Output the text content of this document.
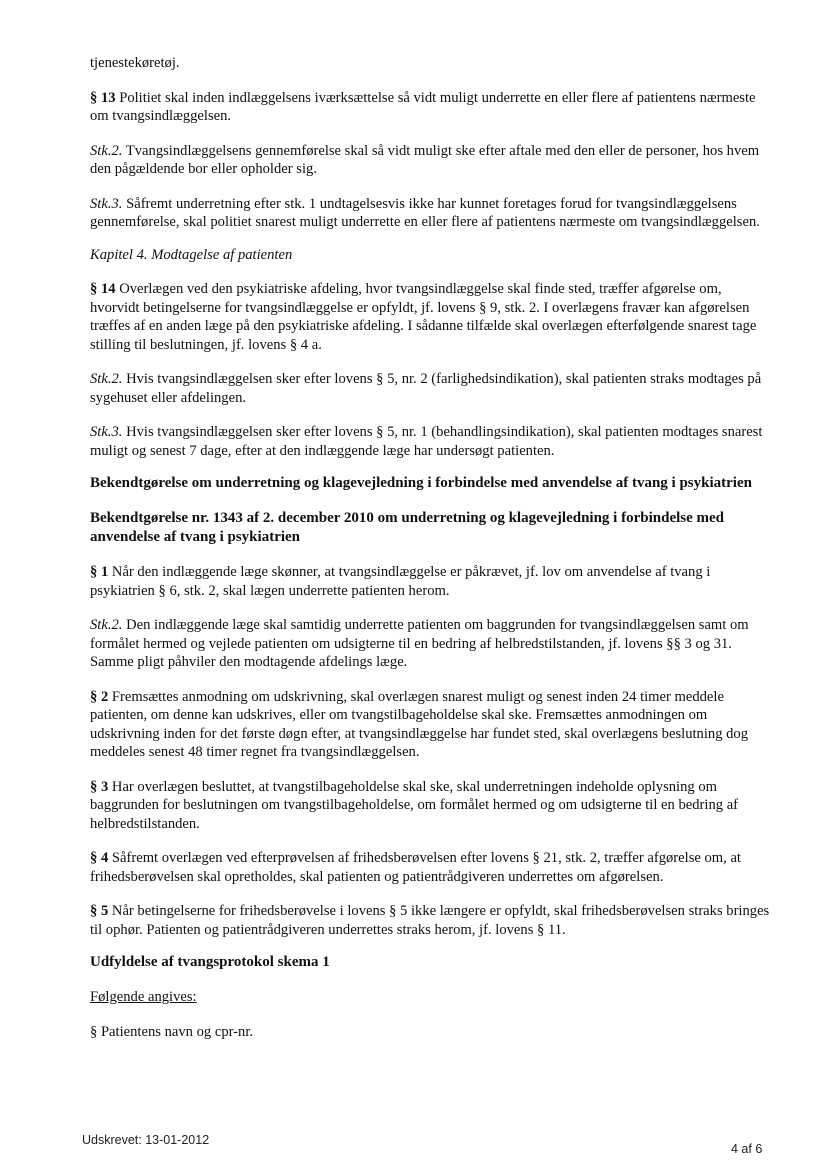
tjenestekøretøj.

§ 13 Politiet skal inden indlæggelsens iværksættelse så vidt muligt underrette en eller flere af patientens nærmeste om tvangsindlæggelsen.

Stk.2. Tvangsindlæggelsens gennemførelse skal så vidt muligt ske efter aftale med den eller de personer, hos hvem den pågældende bor eller opholder sig.

Stk.3. Såfremt underretning efter stk. 1 undtagelsesvis ikke har kunnet foretages forud for tvangsindlæggelsens gennemførelse, skal politiet snarest muligt underrette en eller flere af patientens nærmeste om tvangsindlæggelsen.

Kapitel 4. Modtagelse af patienten

§ 14 Overlægen ved den psykiatriske afdeling, hvor tvangsindlæggelse skal finde sted, træffer afgørelse om, hvorvidt betingelserne for tvangsindlæggelse er opfyldt, jf. lovens § 9, stk. 2. I overlægens fravær kan afgørelsen træffes af en anden læge på den psykiatriske afdeling. I sådanne tilfælde skal overlægen efterfølgende snarest tage stilling til beslutningen, jf. lovens § 4 a.

Stk.2. Hvis tvangsindlæggelsen sker efter lovens § 5, nr. 2 (farlighedsindikation), skal patienten straks modtages på sygehuset eller afdelingen.

Stk.3. Hvis tvangsindlæggelsen sker efter lovens § 5, nr. 1 (behandlingsindikation), skal patienten modtages snarest muligt og senest 7 dage, efter at den indlæggende læge har undersøgt patienten.

Bekendtgørelse om underretning og klagevejledning i forbindelse med anvendelse af tvang i psykiatrien

Bekendtgørelse nr. 1343 af 2. december 2010 om underretning og klagevejledning i forbindelse med anvendelse af tvang i psykiatrien

§ 1 Når den indlæggende læge skønner, at tvangsindlæggelse er påkrævet, jf. lov om anvendelse af tvang i psykiatrien § 6, stk. 2, skal lægen underrette patienten herom.

Stk.2. Den indlæggende læge skal samtidig underrette patienten om baggrunden for tvangsindlæggelsen samt om formålet hermed og vejlede patienten om udsigterne til en bedring af helbredstilstanden, jf. lovens §§ 3 og 31. Samme pligt påhviler den modtagende afdelings læge.

§ 2 Fremsættes anmodning om udskrivning, skal overlægen snarest muligt og senest inden 24 timer meddele patienten, om denne kan udskrives, eller om tvangstilbageholdelse skal ske. Fremsættes anmodningen om udskrivning inden for det første døgn efter, at tvangsindlæggelse har fundet sted, skal overlægens beslutning dog meddeles senest 48 timer regnet fra tvangsindlæggelsen.

§ 3 Har overlægen besluttet, at tvangstilbageholdelse skal ske, skal underretningen indeholde oplysning om baggrunden for beslutningen om tvangstilbageholdelse, om formålet hermed og om udsigterne til en bedring af helbredstilstanden.

§ 4 Såfremt overlægen ved efterprøvelsen af frihedsberøvelsen efter lovens § 21, stk. 2, træffer afgørelse om, at frihedsberøvelsen skal opretholdes, skal patienten og patientrådgiveren underrettes om afgørelsen.

§ 5 Når betingelserne for frihedsberøvelse i lovens § 5 ikke længere er opfyldt, skal frihedsberøvelsen straks bringes til ophør. Patienten og patientrådgiveren underrettes straks herom, jf. lovens § 11.

Udfyldelse af tvangsprotokol skema 1

Følgende angives:

§ Patientens navn og cpr-nr.

Udskrevet: 13-01-2012
4 af 6
